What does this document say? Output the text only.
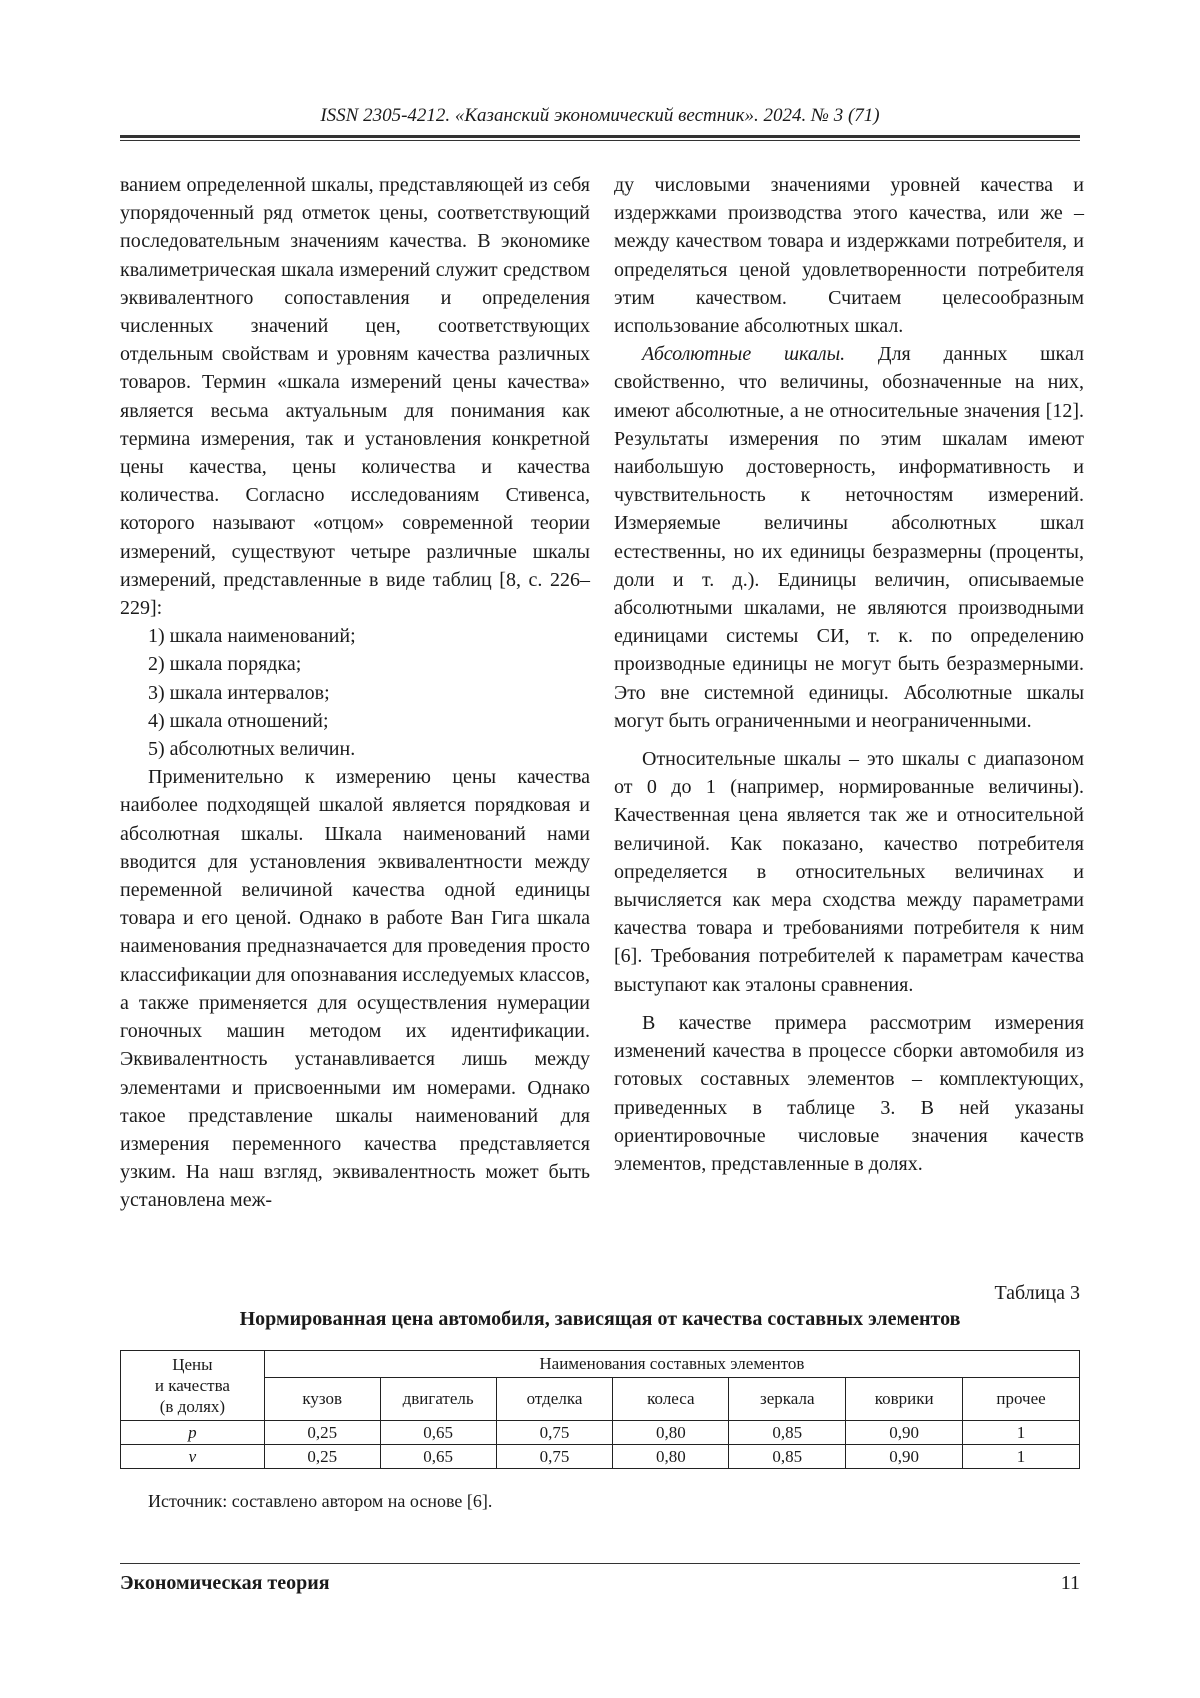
ISSN 2305-4212. «Казанский экономический вестник». 2024. № 3 (71)

ванием определенной шкалы, представляющей из себя упорядоченный ряд отметок цены, соответствующий последовательным значениям качества. В экономике квалиметрическая шкала измерений служит средством эквивалентного сопоставления и определения численных значений цен, соответствующих отдельным свойствам и уровням качества различных товаров. Термин «шкала измерений цены качества» является весьма актуальным для понимания как термина измерения, так и установления конкретной цены качества, цены количества и качества количества. Согласно исследованиям Стивенса, которого называют «отцом» современной теории измерений, существуют четыре различные шкалы измерений, представленные в виде таблиц [8, с. 226–229]:

1) шкала наименований;

2) шкала порядка;

3) шкала интервалов;

4) шкала отношений;

5) абсолютных величин.

Применительно к измерению цены качества наиболее подходящей шкалой является порядковая и абсолютная шкалы. Шкала наименований нами вводится для установления эквивалентности между переменной величиной качества одной единицы товара и его ценой. Однако в работе Ван Гига шкала наименования предназначается для проведения просто классификации для опознавания исследуемых классов, а также применяется для осуществления нумерации гоночных машин методом их идентификации. Эквивалентность устанавливается лишь между элементами и присвоенными им номерами. Однако такое представление шкалы наименований для измерения переменного качества представляется узким. На наш взгляд, эквивалентность может быть установлена меж-

ду числовыми значениями уровней качества и издержками производства этого качества, или же – между качеством товара и издержками потребителя, и определяться ценой удовлетворенности потребителя этим качеством. Считаем целесообразным использование абсолютных шкал.

Абсолютные шкалы. Для данных шкал свойственно, что величины, обозначенные на них, имеют абсолютные, а не относительные значения [12]. Результаты измерения по этим шкалам имеют наибольшую достоверность, информативность и чувствительность к неточностям измерений. Измеряемые величины абсолютных шкал естественны, но их единицы безразмерны (проценты, доли и т. д.). Единицы величин, описываемые абсолютными шкалами, не являются производными единицами системы СИ, т. к. по определению производные единицы не могут быть безразмерными. Это вне системной единицы. Абсолютные шкалы могут быть ограниченными и неограниченными.

Относительные шкалы – это шкалы с диапазоном от 0 до 1 (например, нормированные величины). Качественная цена является так же и относительной величиной. Как показано, качество потребителя определяется в относительных величинах и вычисляется как мера сходства между параметрами качества товара и требованиями потребителя к ним [6]. Требования потребителей к параметрам качества выступают как эталоны сравнения.

В качестве примера рассмотрим измерения изменений качества в процессе сборки автомобиля из готовых составных элементов – комплектующих, приведенных в таблице 3. В ней указаны ориентировочные числовые значения качеств элементов, представленные в долях.

Таблица 3
Нормированная цена автомобиля, зависящая от качества составных элементов
Цены
и качества
(в долях)	Наименования составных элементов						
	кузов	двигатель	отделка	колеса	зеркала	коврики	прочее
p	0,25	0,65	0,75	0,80	0,85	0,90	1
v	0,25	0,65	0,75	0,80	0,85	0,90	1
Источник: составлено автором на основе [6].
Экономическая теория	11
